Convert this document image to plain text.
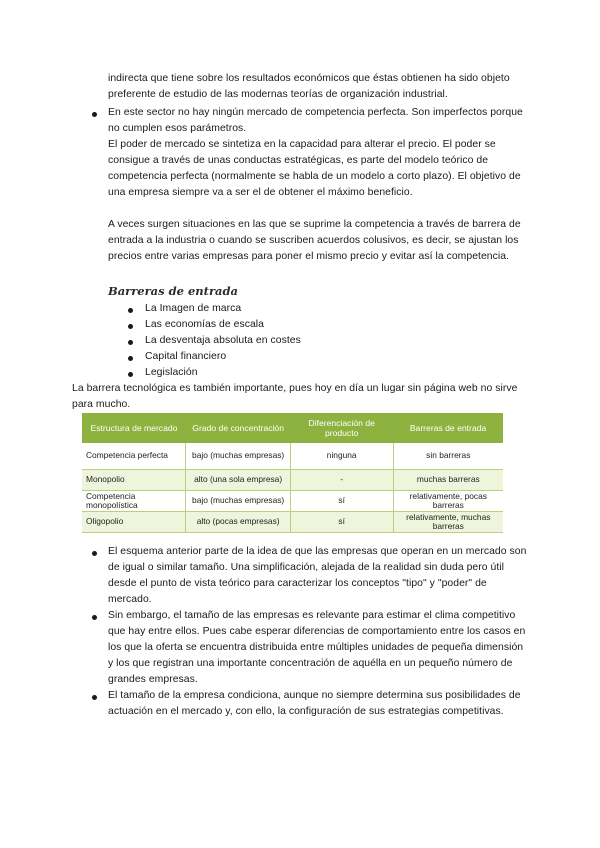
indirecta que tiene sobre los resultados económicos que éstas obtienen ha sido objeto
preferente de estudio de las modernas teorías de organización industrial.
En este sector no hay ningún mercado de competencia perfecta. Son imperfectos porque
no cumplen esos parámetros.
El poder de mercado se sintetiza en la capacidad para alterar el precio. El poder se
consigue a través de unas conductas estratégicas, es parte del modelo teórico de
competencia perfecta (normalmente se habla de un modelo a corto plazo). El objetivo de
una empresa siempre va a ser el de obtener el máximo beneficio.
A veces surgen situaciones en las que se suprime la competencia a través de barrera de
entrada a la industria o cuando se suscriben acuerdos colusivos, es decir, se ajustan los
precios entre varias empresas para poner el mismo precio y evitar así la competencia.
Barreras de entrada
La Imagen de marca
Las economías de escala
La desventaja absoluta en costes
Capital financiero
Legislación
La barrera tecnológica es también importante, pues hoy en día un lugar sin página web no sirve
para mucho.
Estructura de mercado	Grado de concentración	Diferenciación de producto	Barreras de entrada
Competencia perfecta	bajo (muchas empresas)	ninguna	sin barreras
Monopolio	alto (una sola empresa)	-	muchas barreras
Competencia monopolística	bajo (muchas empresas)	sí	relativamente, pocas barreras
Oligopolio	alto (pocas empresas)	sí	relativamente, muchas barreras
El esquema anterior parte de la idea de que las empresas que operan en un mercado son
de igual o similar tamaño. Una simplificación, alejada de la realidad sin duda pero útil
desde el punto de vista teórico para caracterizar los conceptos "tipo" y "poder" de
mercado.
Sin embargo, el tamaño de las empresas es relevante para estimar el clima competitivo
que hay entre ellos. Pues cabe esperar diferencias de comportamiento entre los casos en
los que la oferta se encuentra distribuida entre múltiples unidades de pequeña dimensión
y los que registran una importante concentración de aquélla en un pequeño número de
grandes empresas.
El tamaño de la empresa condiciona, aunque no siempre determina sus posibilidades de
actuación en el mercado y, con ello, la configuración de sus estrategias competitivas.
